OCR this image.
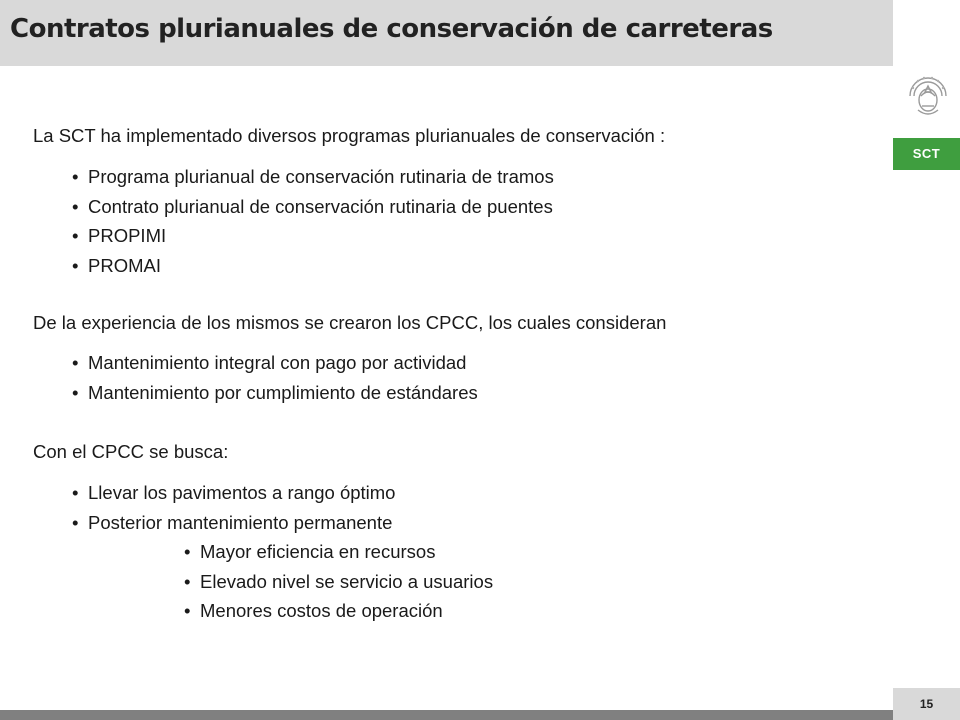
Contratos plurianuales de conservación de carreteras
SCT

La SCT ha implementado diversos programas plurianuales de conservación :

• Programa plurianual de conservación rutinaria de tramos
• Contrato plurianual de conservación rutinaria de puentes
• PROPIMI
• PROMAI

De la experiencia de los mismos se crearon los CPCC, los cuales consideran

• Mantenimiento integral con pago por actividad
• Mantenimiento por cumplimiento de estándares

Con el CPCC se busca:

• Llevar los pavimentos a rango óptimo
• Posterior mantenimiento permanente
• Mayor eficiencia en recursos
• Elevado nivel se servicio a usuarios
• Menores costos de operación
15
